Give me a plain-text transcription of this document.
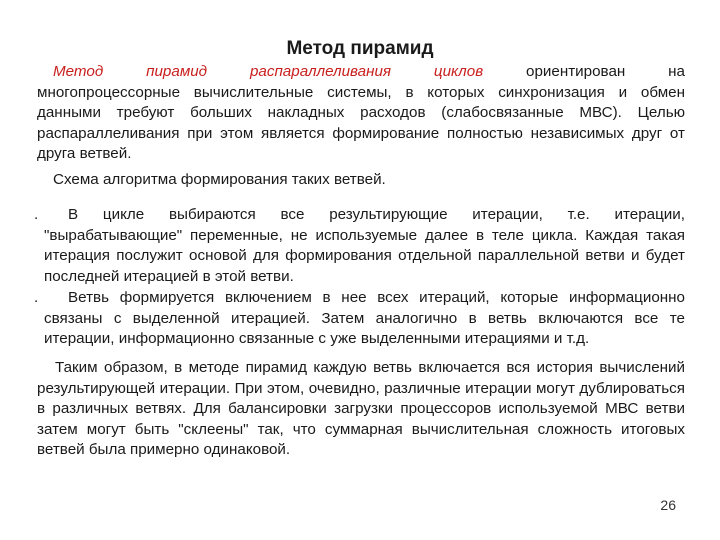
Метод пирамид
Метод пирамид распараллеливания циклов ориентирован на
многопроцессорные вычислительные системы, в которых синхронизация и обмен данными требуют больших накладных расходов (слабосвязанные МВС). Целью распараллеливания при этом является формирование полностью независимых друг от друга ветвей.
Схема алгоритма формирования таких ветвей.
.	В цикле выбираются все результирующие итерации, т.е. итерации,
"вырабатывающие" переменные, не используемые далее в теле цикла. Каждая такая итерация послужит основой для формирования отдельной параллельной ветви и будет последней итерацией в этой ветви.
.	Ветвь формируется включением в нее всех итераций, которые информационно
связаны с выделенной итерацией. Затем аналогично в ветвь включаются все те итерации, информационно связанные с уже выделенными итерациями и т.д.
Таким образом, в методе пирамид каждую ветвь включается вся история вычислений результирующей итерации. При этом, очевидно, различные итерации могут дублироваться в различных ветвях. Для балансировки загрузки процессоров используемой МВС ветви затем могут быть "склеены" так, что суммарная вычислительная сложность итоговых ветвей была примерно одинаковой.
26
